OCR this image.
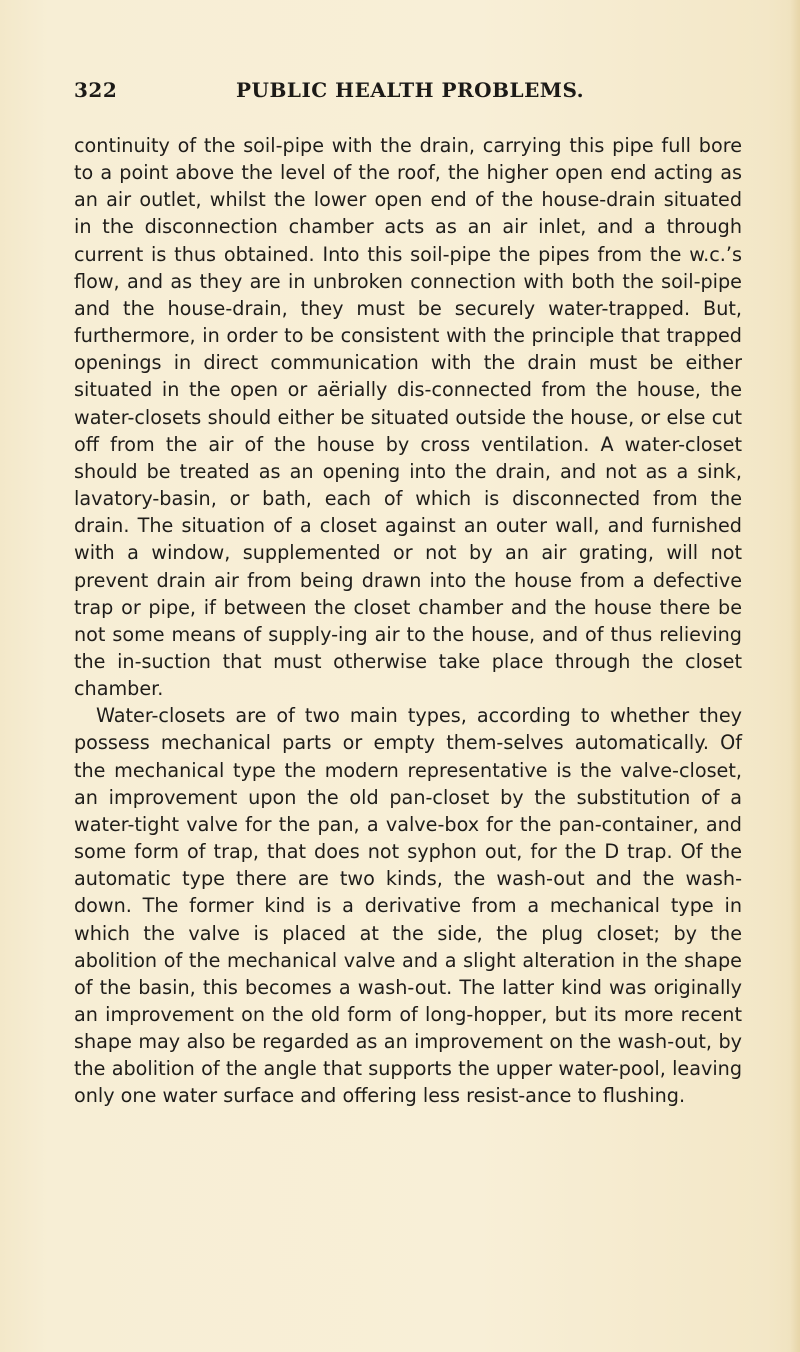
322	PUBLIC HEALTH PROBLEMS.

continuity of the soil-pipe with the drain, carrying this pipe full bore to a point above the level of the roof, the higher open end acting as an air outlet, whilst the lower open end of the house-drain situated in the disconnection chamber acts as an air inlet, and a through current is thus obtained. Into this soil-pipe the pipes from the w.c.’s flow, and as they are in unbroken connection with both the soil-pipe and the house-drain, they must be securely water-trapped. But, furthermore, in order to be consistent with the principle that trapped openings in direct communication with the drain must be either situated in the open or aërially dis-connected from the house, the water-closets should either be situated outside the house, or else cut off from the air of the house by cross ventilation. A water-closet should be treated as an opening into the drain, and not as a sink, lavatory-basin, or bath, each of which is disconnected from the drain. The situation of a closet against an outer wall, and furnished with a window, supplemented or not by an air grating, will not prevent drain air from being drawn into the house from a defective trap or pipe, if between the closet chamber and the house there be not some means of supply-ing air to the house, and of thus relieving the in-suction that must otherwise take place through the closet chamber.

Water-closets are of two main types, according to whether they possess mechanical parts or empty them-selves automatically. Of the mechanical type the modern representative is the valve-closet, an improvement upon the old pan-closet by the substitution of a water-tight valve for the pan, a valve-box for the pan-container, and some form of trap, that does not syphon out, for the D trap. Of the automatic type there are two kinds, the wash-out and the wash-down. The former kind is a derivative from a mechanical type in which the valve is placed at the side, the plug closet; by the abolition of the mechanical valve and a slight alteration in the shape of the basin, this becomes a wash-out. The latter kind was originally an improvement on the old form of long-hopper, but its more recent shape may also be regarded as an improvement on the wash-out, by the abolition of the angle that supports the upper water-pool, leaving only one water surface and offering less resist-ance to flushing.
